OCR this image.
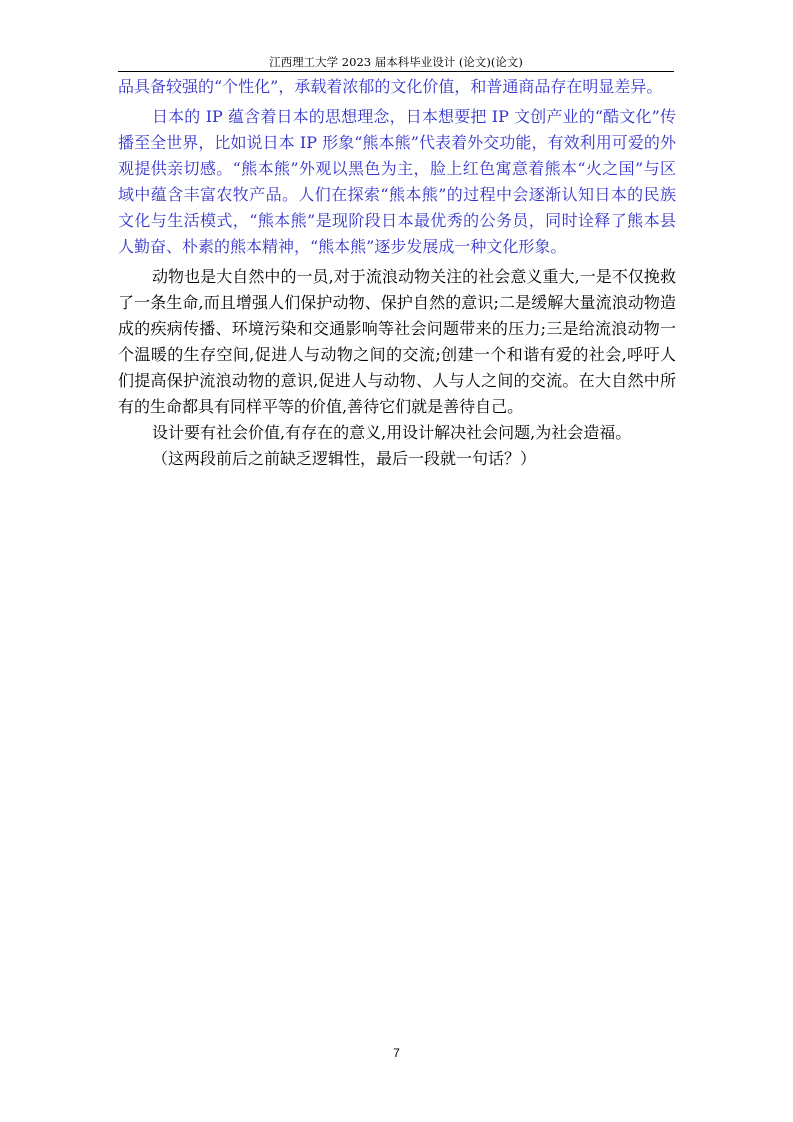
江西理工大学 2023 届本科毕业设计 (论文)(论文)

品具备较强的“个性化”，承载着浓郁的文化价值，和普通商品存在明显差异。

日本的 IP 蕴含着日本的思想理念，日本想要把 IP 文创产业的“酷文化”传播至全世界，比如说日本 IP 形象“熊本熊”代表着外交功能，有效利用可爱的外观提供亲切感。“熊本熊”外观以黑色为主，脸上红色寓意着熊本“火之国”与区域中蕴含丰富农牧产品。人们在探索“熊本熊”的过程中会逐渐认知日本的民族文化与生活模式，“熊本熊”是现阶段日本最优秀的公务员，同时诠释了熊本县人勤奋、朴素的熊本精神，“熊本熊”逐步发展成一种文化形象。

动物也是大自然中的一员,对于流浪动物关注的社会意义重大,一是不仅挽救了一条生命,而且增强人们保护动物、保护自然的意识;二是缓解大量流浪动物造成的疾病传播、环境污染和交通影响等社会问题带来的压力;三是给流浪动物一个温暖的生存空间,促进人与动物之间的交流;创建一个和谐有爱的社会,呼吁人们提高保护流浪动物的意识,促进人与动物、人与人之间的交流。在大自然中所有的生命都具有同样平等的价值,善待它们就是善待自己。

设计要有社会价值,有存在的意义,用设计解决社会问题,为社会造福。

（这两段前后之前缺乏逻辑性，最后一段就一句话？）

7
